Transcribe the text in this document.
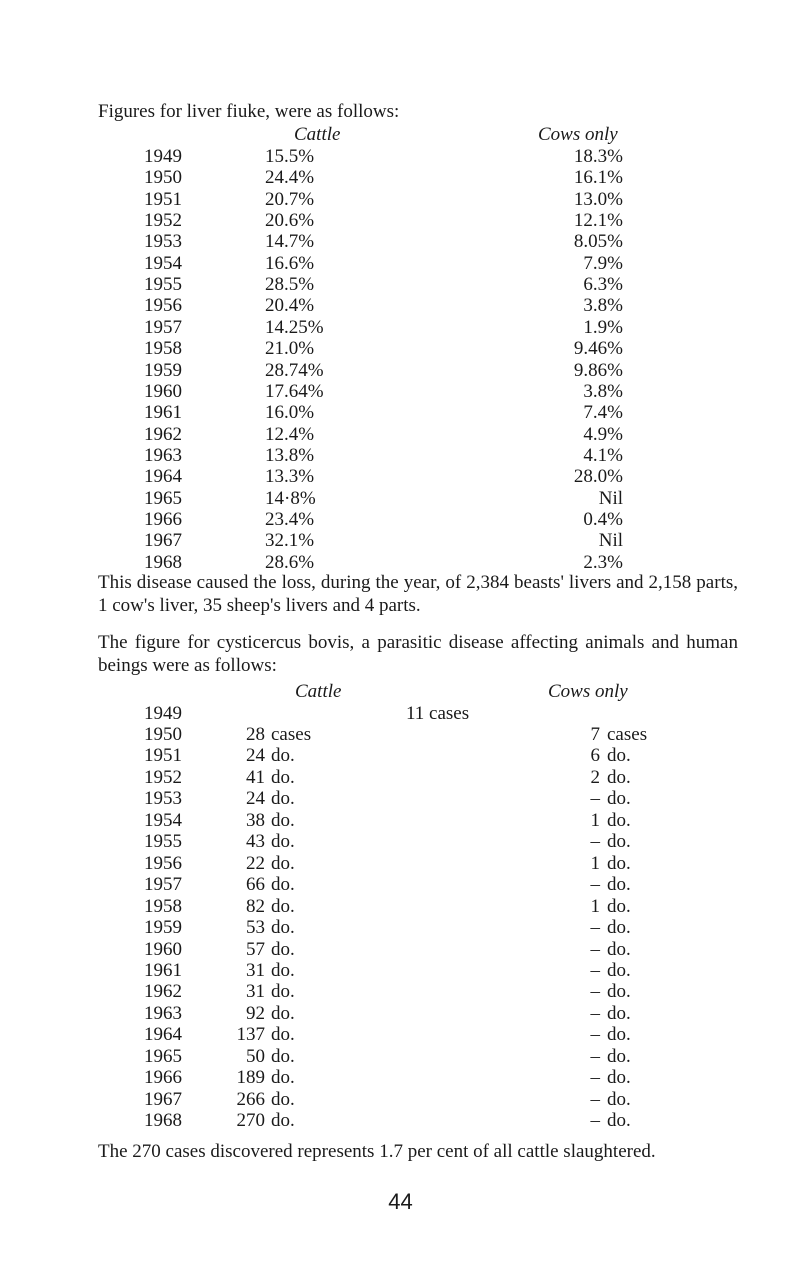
Figures for liver fiuke, were as follows:
Cattle	Cows only
1949	15.5%	18.3%
1950	24.4%	16.1%
1951	20.7%	13.0%
1952	20.6%	12.1%
1953	14.7%	8.05%
1954	16.6%	7.9%
1955	28.5%	6.3%
1956	20.4%	3.8%
1957	14.25%	1.9%
1958	21.0%	9.46%
1959	28.74%	9.86%
1960	17.64%	3.8%
1961	16.0%	7.4%
1962	12.4%	4.9%
1963	13.8%	4.1%
1964	13.3%	28.0%
1965	14·8%	Nil
1966	23.4%	0.4%
1967	32.1%	Nil
1968	28.6%	2.3%
This disease caused the loss, during the year, of 2,384 beasts' livers and 2,158 parts, 1 cow's liver, 35 sheep's livers and 4 parts.
The figure for cysticercus bovis, a parasitic disease affecting animals and human beings were as follows:
Cattle	Cows only
1949	11 cases
1950	28 cases	7 cases
1951	24 do.	6 do.
1952	41 do.	2 do.
1953	24 do.	– do.
1954	38 do.	1 do.
1955	43 do.	– do.
1956	22 do.	1 do.
1957	66 do.	– do.
1958	82 do.	1 do.
1959	53 do.	– do.
1960	57 do.	– do.
1961	31 do.	– do.
1962	31 do.	– do.
1963	92 do.	– do.
1964	137 do.	– do.
1965	50 do.	– do.
1966	189 do.	– do.
1967	266 do.	– do.
1968	270 do.	– do.
The 270 cases discovered represents 1.7 per cent of all cattle slaughtered.
44
